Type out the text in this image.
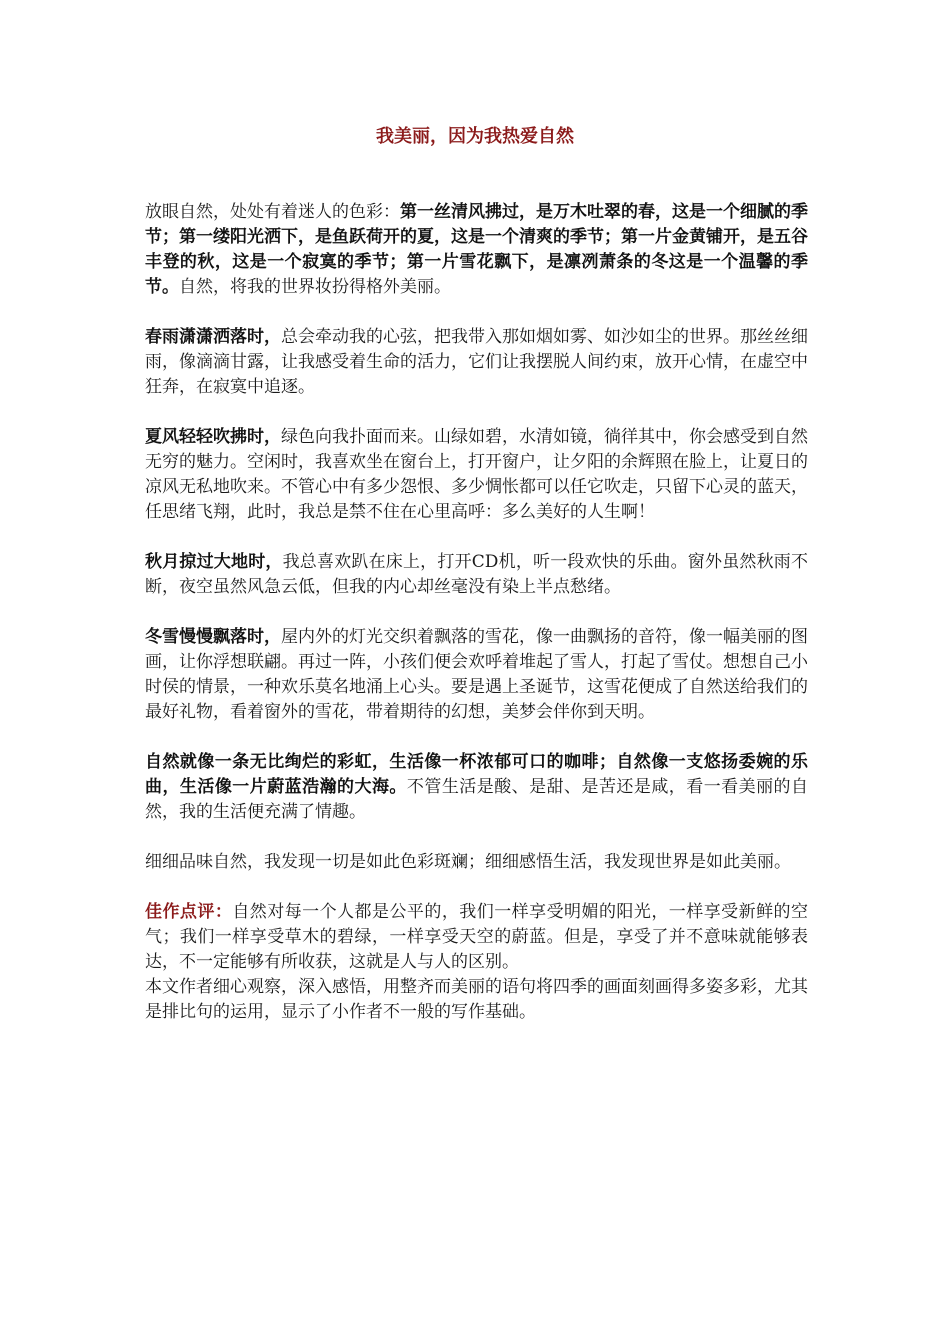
我美丽，因为我热爱自然

放眼自然，处处有着迷人的色彩：第一丝清风拂过，是万木吐翠的春，这是一个细腻的季节；第一缕阳光洒下，是鱼跃荷开的夏，这是一个清爽的季节；第一片金黄铺开，是五谷丰登的秋，这是一个寂寞的季节；第一片雪花飘下，是凛冽萧条的冬这是一个温馨的季节。自然，将我的世界妆扮得格外美丽。

春雨潇潇洒落时，总会牵动我的心弦，把我带入那如烟如雾、如沙如尘的世界。那丝丝细雨，像滴滴甘露，让我感受着生命的活力，它们让我摆脱人间约束，放开心情，在虚空中狂奔，在寂寞中追逐。

夏风轻轻吹拂时，绿色向我扑面而来。山绿如碧，水清如镜，徜徉其中，你会感受到自然无穷的魅力。空闲时，我喜欢坐在窗台上，打开窗户，让夕阳的余辉照在脸上，让夏日的凉风无私地吹来。不管心中有多少怨恨、多少惆怅都可以任它吹走，只留下心灵的蓝天，任思绪飞翔，此时，我总是禁不住在心里高呼：多么美好的人生啊！

秋月掠过大地时，我总喜欢趴在床上，打开CD机，听一段欢快的乐曲。窗外虽然秋雨不断，夜空虽然风急云低，但我的内心却丝毫没有染上半点愁绪。

冬雪慢慢飘落时，屋内外的灯光交织着飘落的雪花，像一曲飘扬的音符，像一幅美丽的图画，让你浮想联翩。再过一阵，小孩们便会欢呼着堆起了雪人，打起了雪仗。想想自己小时侯的情景，一种欢乐莫名地涌上心头。要是遇上圣诞节，这雪花便成了自然送给我们的最好礼物，看着窗外的雪花，带着期待的幻想，美梦会伴你到天明。

自然就像一条无比绚烂的彩虹，生活像一杯浓郁可口的咖啡；自然像一支悠扬委婉的乐曲，生活像一片蔚蓝浩瀚的大海。不管生活是酸、是甜、是苦还是咸，看一看美丽的自然，我的生活便充满了情趣。

细细品味自然，我发现一切是如此色彩斑斓；细细感悟生活，我发现世界是如此美丽。

佳作点评：自然对每一个人都是公平的，我们一样享受明媚的阳光，一样享受新鲜的空气；我们一样享受草木的碧绿，一样享受天空的蔚蓝。但是，享受了并不意味就能够表达，不一定能够有所收获，这就是人与人的区别。

本文作者细心观察，深入感悟，用整齐而美丽的语句将四季的画面刻画得多姿多彩，尤其是排比句的运用，显示了小作者不一般的写作基础。
